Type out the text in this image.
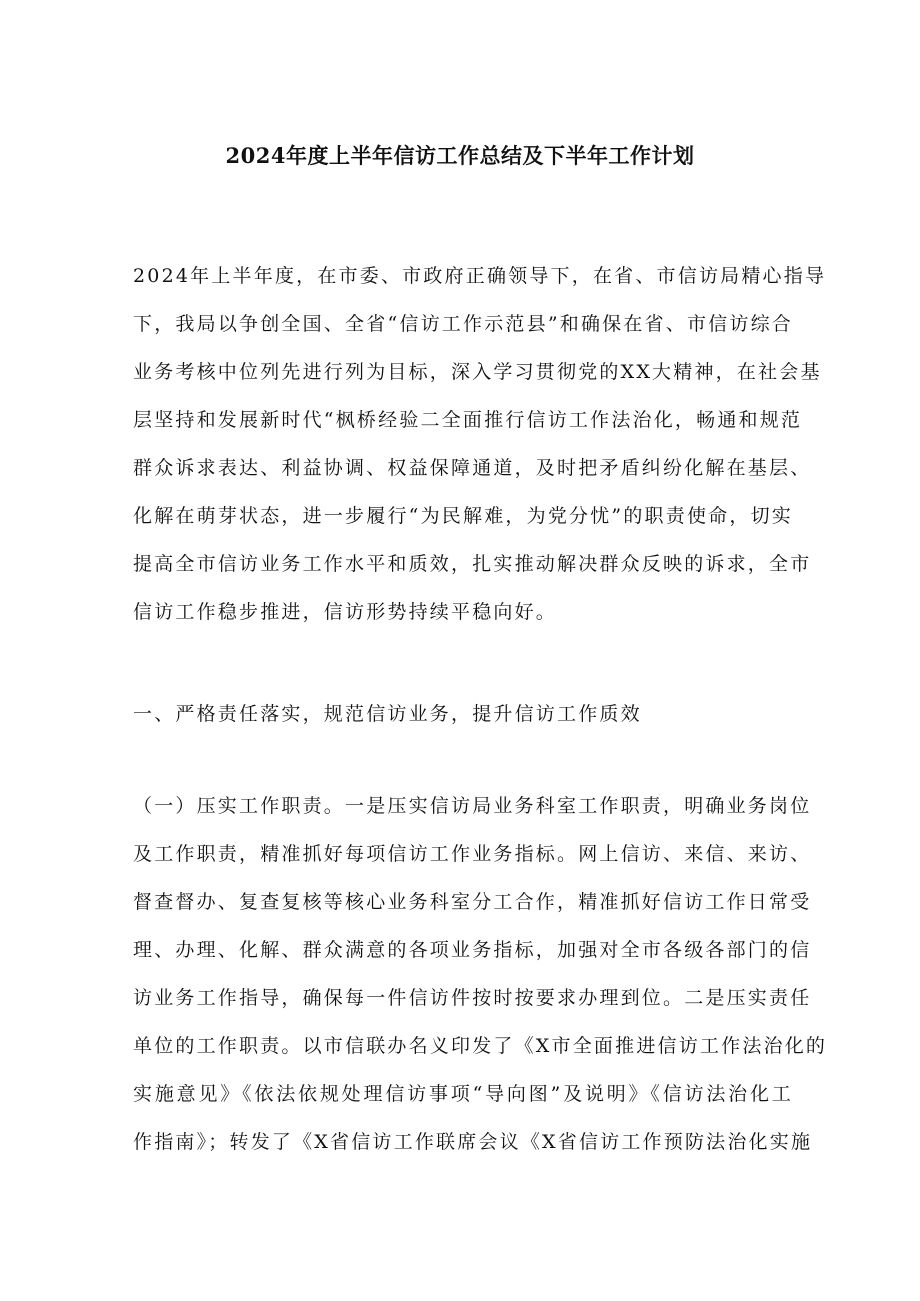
2024年度上半年信访工作总结及下半年工作计划
2024年上半年度，在市委、市政府正确领导下，在省、市信访局精心指导
下，我局以争创全国、全省“信访工作示范县”和确保在省、市信访综合
业务考核中位列先进行列为目标，深入学习贯彻党的XX大精神，在社会基
层坚持和发展新时代“枫桥经验二全面推行信访工作法治化，畅通和规范
群众诉求表达、利益协调、权益保障通道，及时把矛盾纠纷化解在基层、
化解在萌芽状态，进一步履行“为民解难，为党分忧”的职责使命，切实
提高全市信访业务工作水平和质效，扎实推动解决群众反映的诉求，全市
信访工作稳步推进，信访形势持续平稳向好。
一、严格责任落实，规范信访业务，提升信访工作质效
（一）压实工作职责。一是压实信访局业务科室工作职责，明确业务岗位
及工作职责，精准抓好每项信访工作业务指标。网上信访、来信、来访、
督查督办、复查复核等核心业务科室分工合作，精准抓好信访工作日常受
理、办理、化解、群众满意的各项业务指标，加强对全市各级各部门的信
访业务工作指导，确保每一件信访件按时按要求办理到位。二是压实责任
单位的工作职责。以市信联办名义印发了《X市全面推进信访工作法治化的
实施意见》《依法依规处理信访事项“导向图”及说明》《信访法治化工
作指南》；转发了《X省信访工作联席会议《X省信访工作预防法治化实施
